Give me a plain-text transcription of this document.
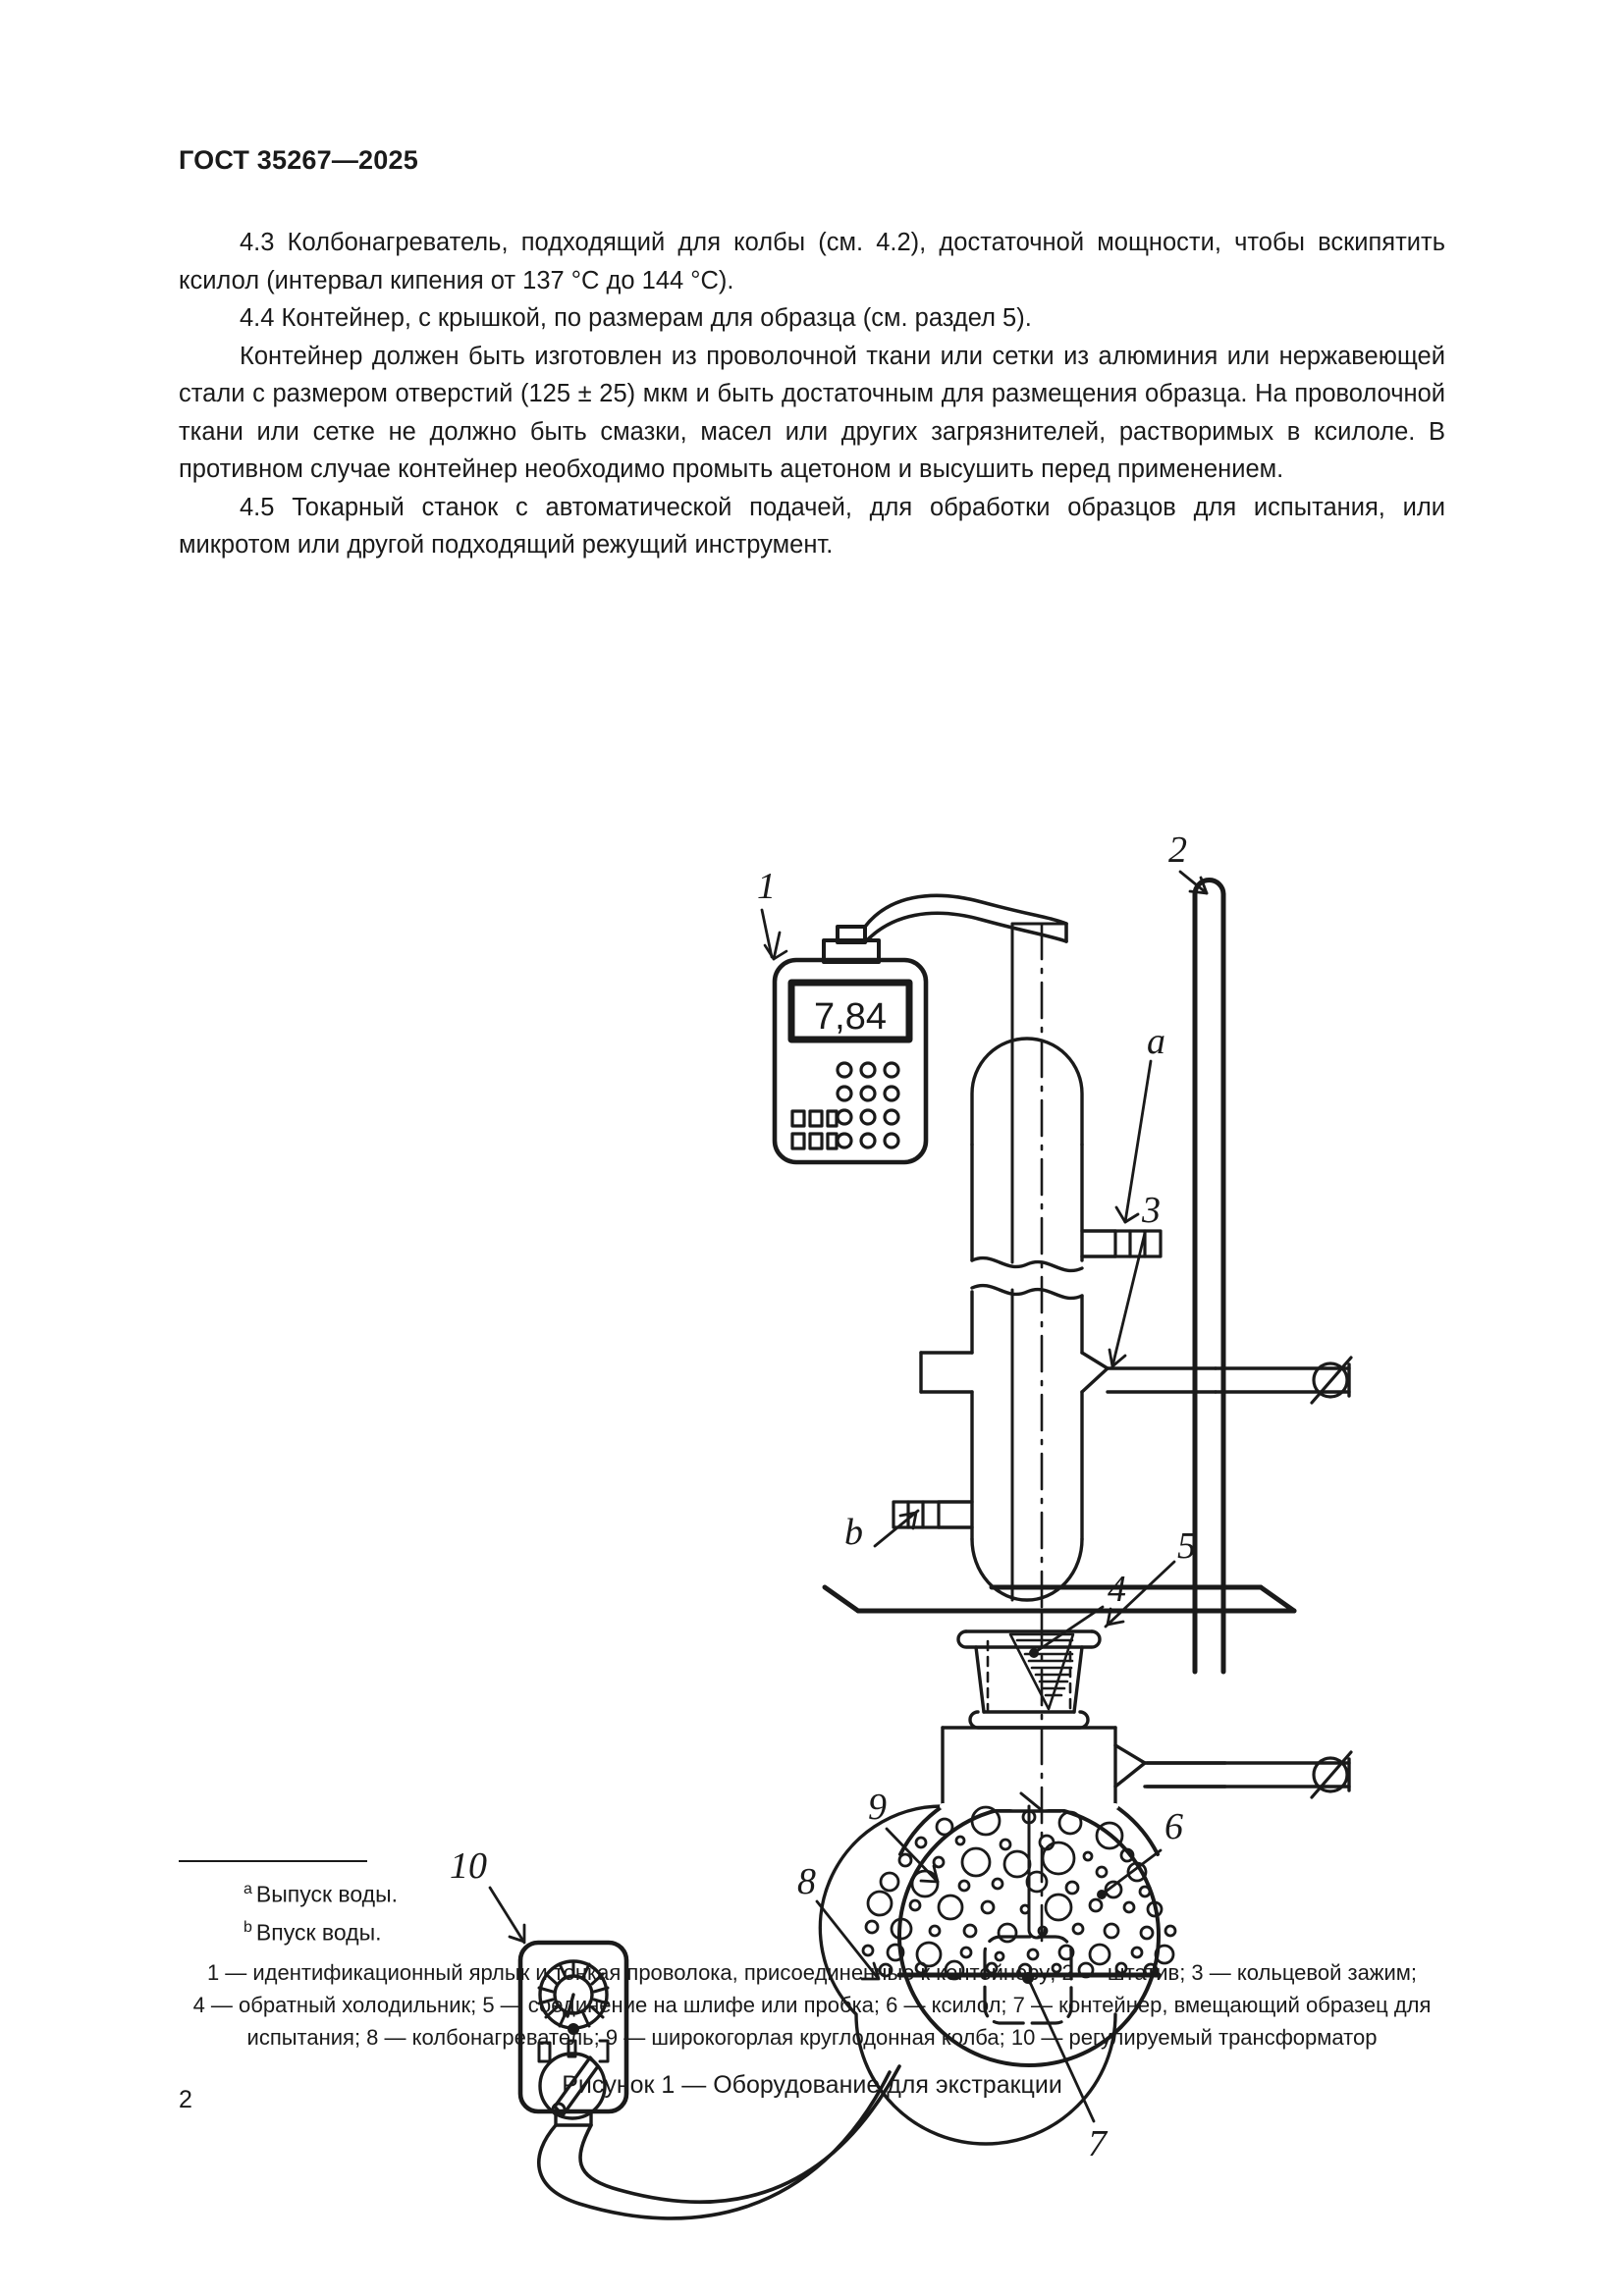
ГОСТ 35267—2025

4.3 Колбонагреватель, подходящий для колбы (см. 4.2), достаточной мощности, чтобы вскипятить ксилол (интервал кипения от 137 °С до 144 °С).

4.4 Контейнер, с крышкой, по размерам для образца (см. раздел 5).

Контейнер должен быть изготовлен из проволочной ткани или сетки из алюминия или нержавеющей стали с размером отверстий (125 ± 25) мкм и быть достаточным для размещения образца. На проволочной ткани или сетке не должно быть смазки, масел или других загрязнителей, растворимых в ксилоле. В противном случае контейнер необходимо промыть ацетоном и высушить перед применением.

4.5 Токарный станок с автоматической подачей, для обработки образцов для испытания, или микротом или другой подходящий режущий инструмент.

1
2
3
4
5
6
7
8
9
10
a
b
7,84
$^a$ Выпуск воды.
$^b$ Впуск воды.
1 — идентификационный ярлык и тонкая проволока, присоединенные к контейнеру; 2 — штатив; 3 — кольцевой зажим;
4 — обратный холодильник; 5 — соединение на шлифе или пробка; 6 — ксилол; 7 — контейнер, вмещающий образец для
испытания; 8 — колбонагреватель; 9 — широкогорлая круглодонная колба; 10 — регулируемый трансформатор
Рисунок 1 — Оборудование для экстракции
2
